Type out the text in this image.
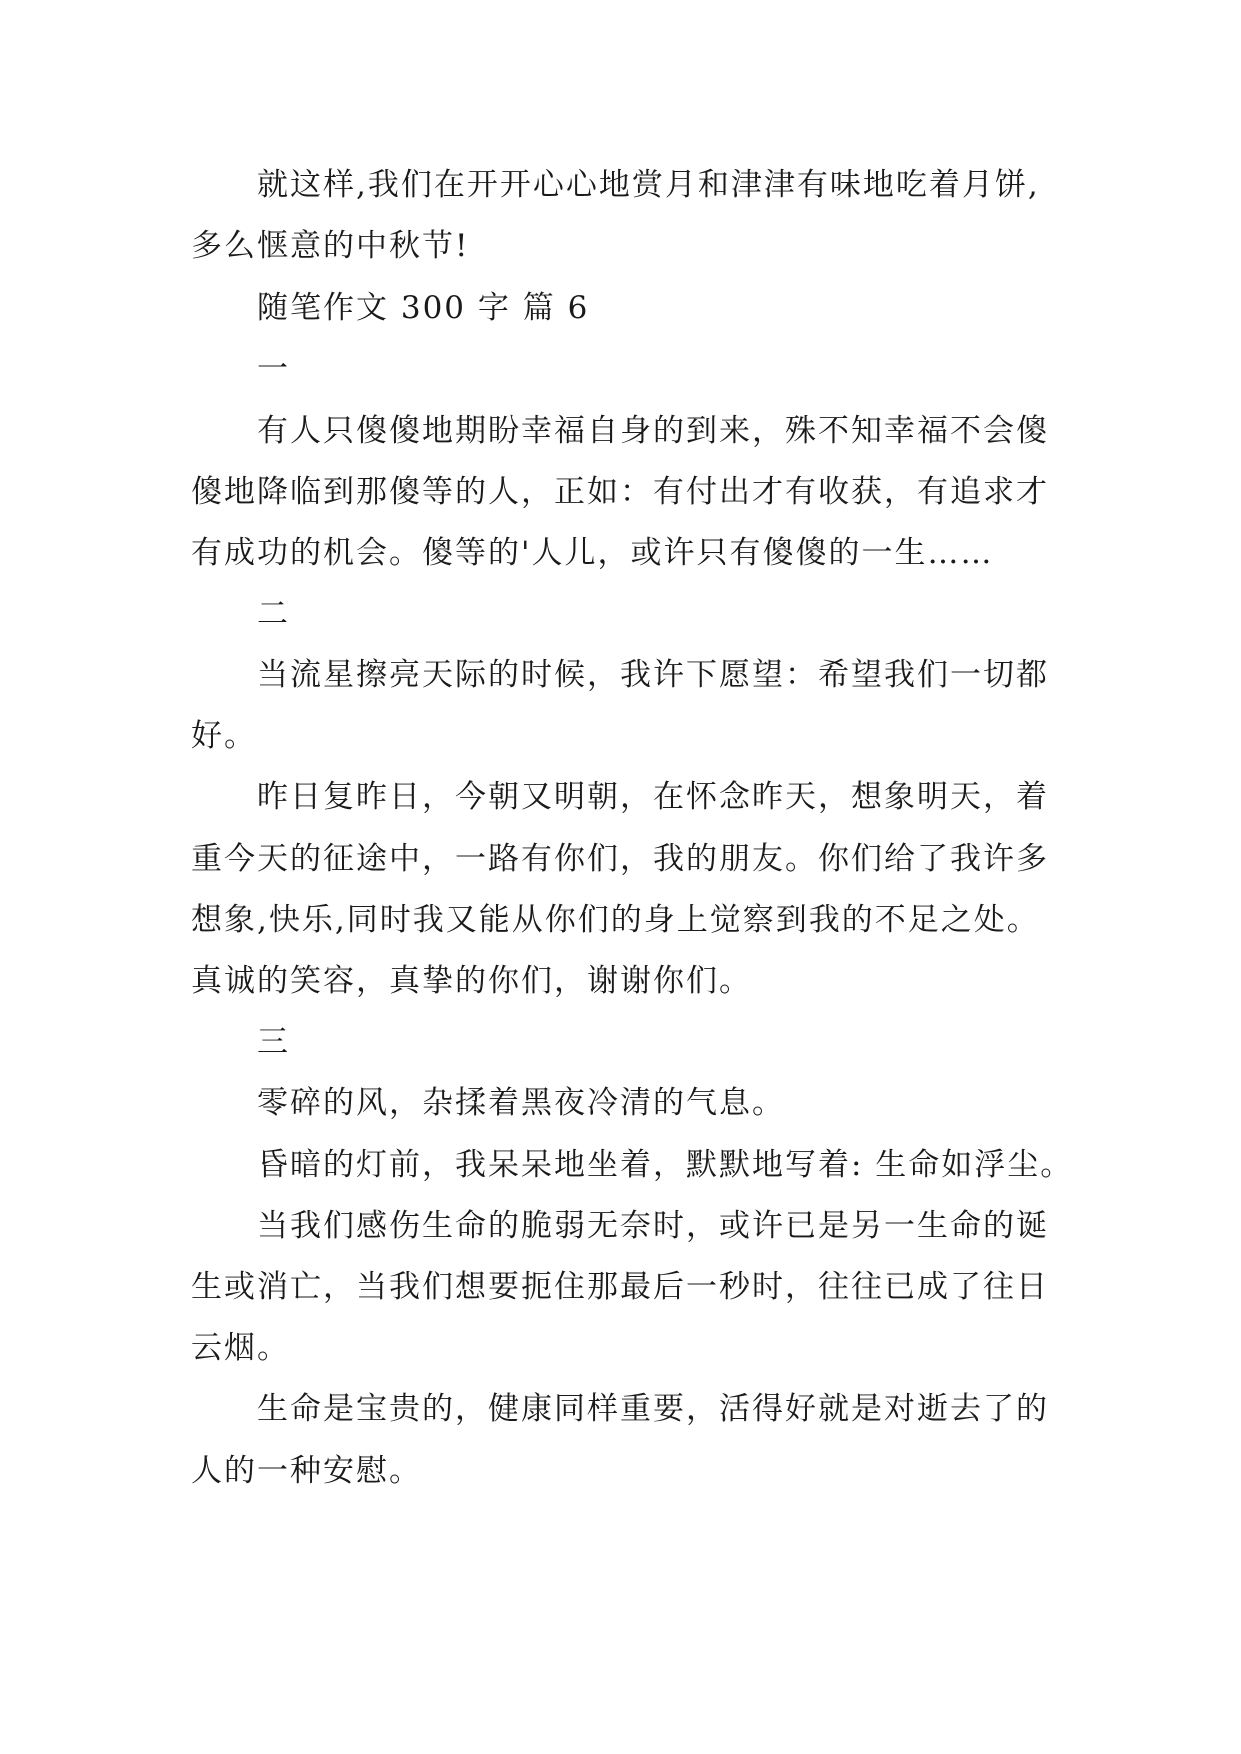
就这样,我们在开开心心地赏月和津津有味地吃着月饼,
多么惬意的中秋节!
随笔作文 300 字 篇 6
一
有人只傻傻地期盼幸福自身的到来，殊不知幸福不会傻
傻地降临到那傻等的人，正如：有付出才有收获，有追求才
有成功的机会。傻等的'人儿，或许只有傻傻的一生……
二
当流星擦亮天际的时候，我许下愿望：希望我们一切都
好。
昨日复昨日，今朝又明朝，在怀念昨天，想象明天，着
重今天的征途中，一路有你们，我的朋友。你们给了我许多
想象,快乐,同时我又能从你们的身上觉察到我的不足之处。
真诚的笑容，真挚的你们，谢谢你们。
三
零碎的风，杂揉着黑夜冷清的气息。
昏暗的灯前，我呆呆地坐着，默默地写着: 生命如浮尘。
当我们感伤生命的脆弱无奈时，或许已是另一生命的诞
生或消亡，当我们想要扼住那最后一秒时，往往已成了往日
云烟。
生命是宝贵的，健康同样重要，活得好就是对逝去了的
人的一种安慰。
